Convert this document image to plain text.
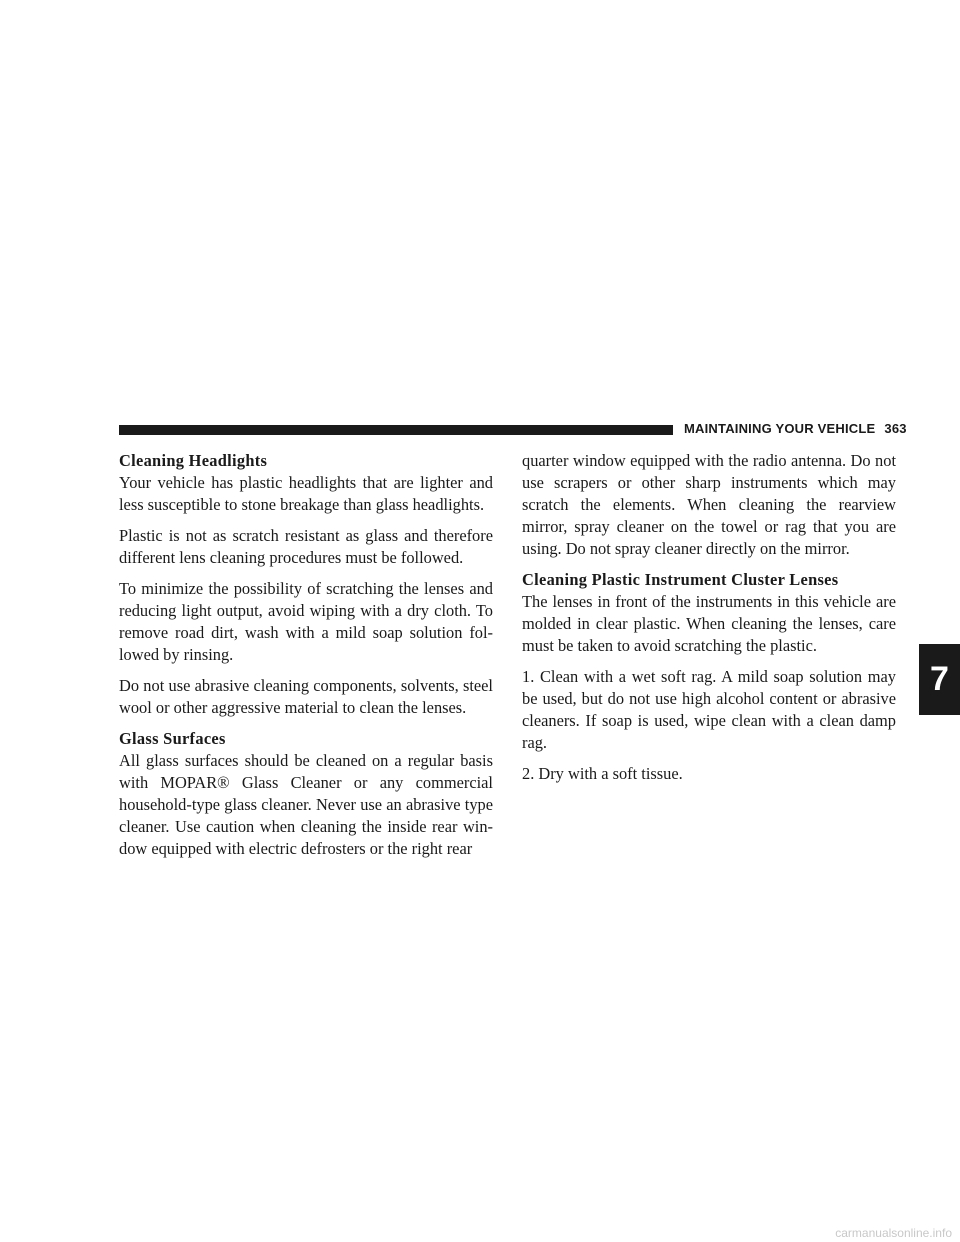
MAINTAINING YOUR VEHICLE 363
Cleaning Headlights

Your vehicle has plastic headlights that are lighter and less susceptible to stone breakage than glass headlights.

Plastic is not as scratch resistant as glass and therefore different lens cleaning procedures must be followed.

To minimize the possibility of scratching the lenses and reducing light output, avoid wiping with a dry cloth. To remove road dirt, wash with a mild soap solution fol-lowed by rinsing.

Do not use abrasive cleaning components, solvents, steel wool or other aggressive material to clean the lenses.

Glass Surfaces

All glass surfaces should be cleaned on a regular basis with MOPAR® Glass Cleaner or any commercial household-type glass cleaner. Never use an abrasive type cleaner. Use caution when cleaning the inside rear win-dow equipped with electric defrosters or the right rear

quarter window equipped with the radio antenna. Do not use scrapers or other sharp instruments which may scratch the elements. When cleaning the rearview mirror, spray cleaner on the towel or rag that you are using. Do not spray cleaner directly on the mirror.

Cleaning Plastic Instrument Cluster Lenses

The lenses in front of the instruments in this vehicle are molded in clear plastic. When cleaning the lenses, care must be taken to avoid scratching the plastic.

1. Clean with a wet soft rag. A mild soap solution may be used, but do not use high alcohol content or abrasive cleaners. If soap is used, wipe clean with a clean damp rag.

2. Dry with a soft tissue.

7
carmanualsonline.info
